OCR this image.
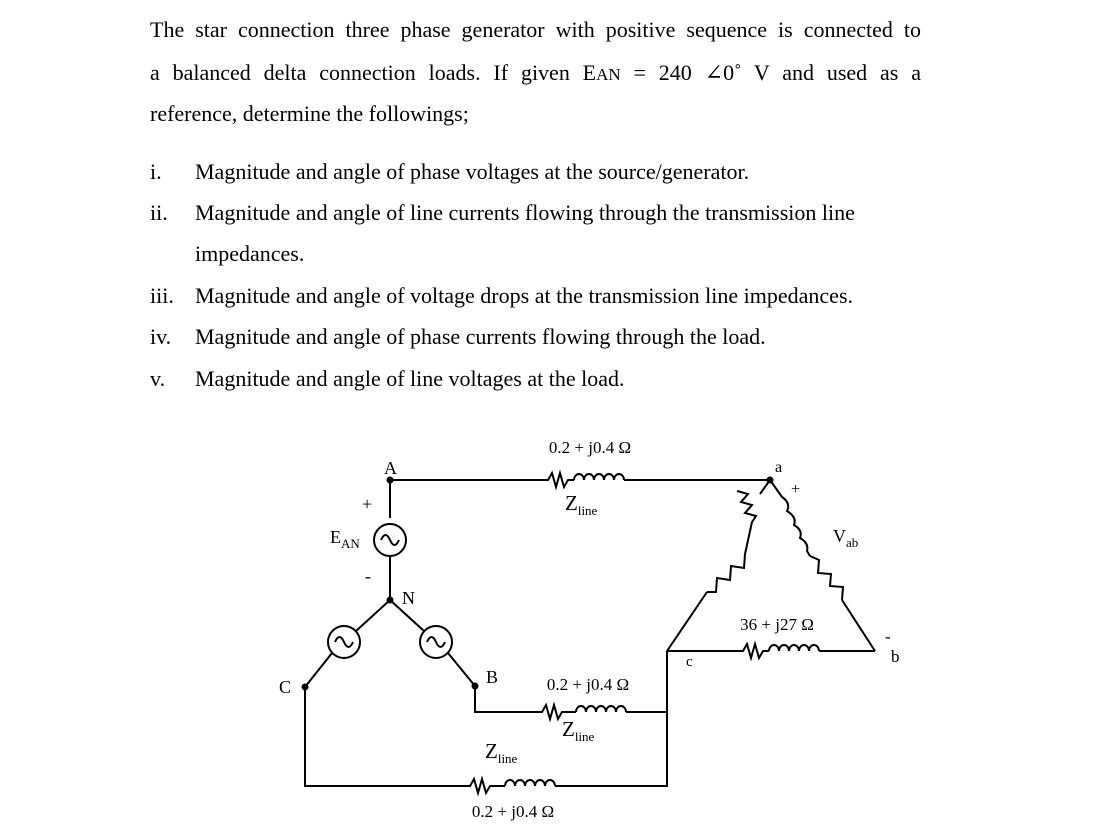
The star connection three phase generator with positive sequence is connected to
a balanced delta connection loads. If given EAN = 240 ∠0˚ V and used as a
reference, determine the followings;
i. Magnitude and angle of phase voltages at the source/generator.
ii. Magnitude and angle of line currents flowing through the transmission line
impedances.
iii. Magnitude and angle of voltage drops at the transmission line impedances.
iv. Magnitude and angle of phase currents flowing through the load.
v. Magnitude and angle of line voltages at the load.
0.2 + j0.4 Ω
$Z_{line}$
0.2 + j0.4 Ω
$Z_{line}$
$Z_{line}$
0.2 + j0.4 Ω
36 + j27 Ω
A
N
B
C
a
b
c
+
-
$E_{AN}$
+
$V_{ab}$
-
